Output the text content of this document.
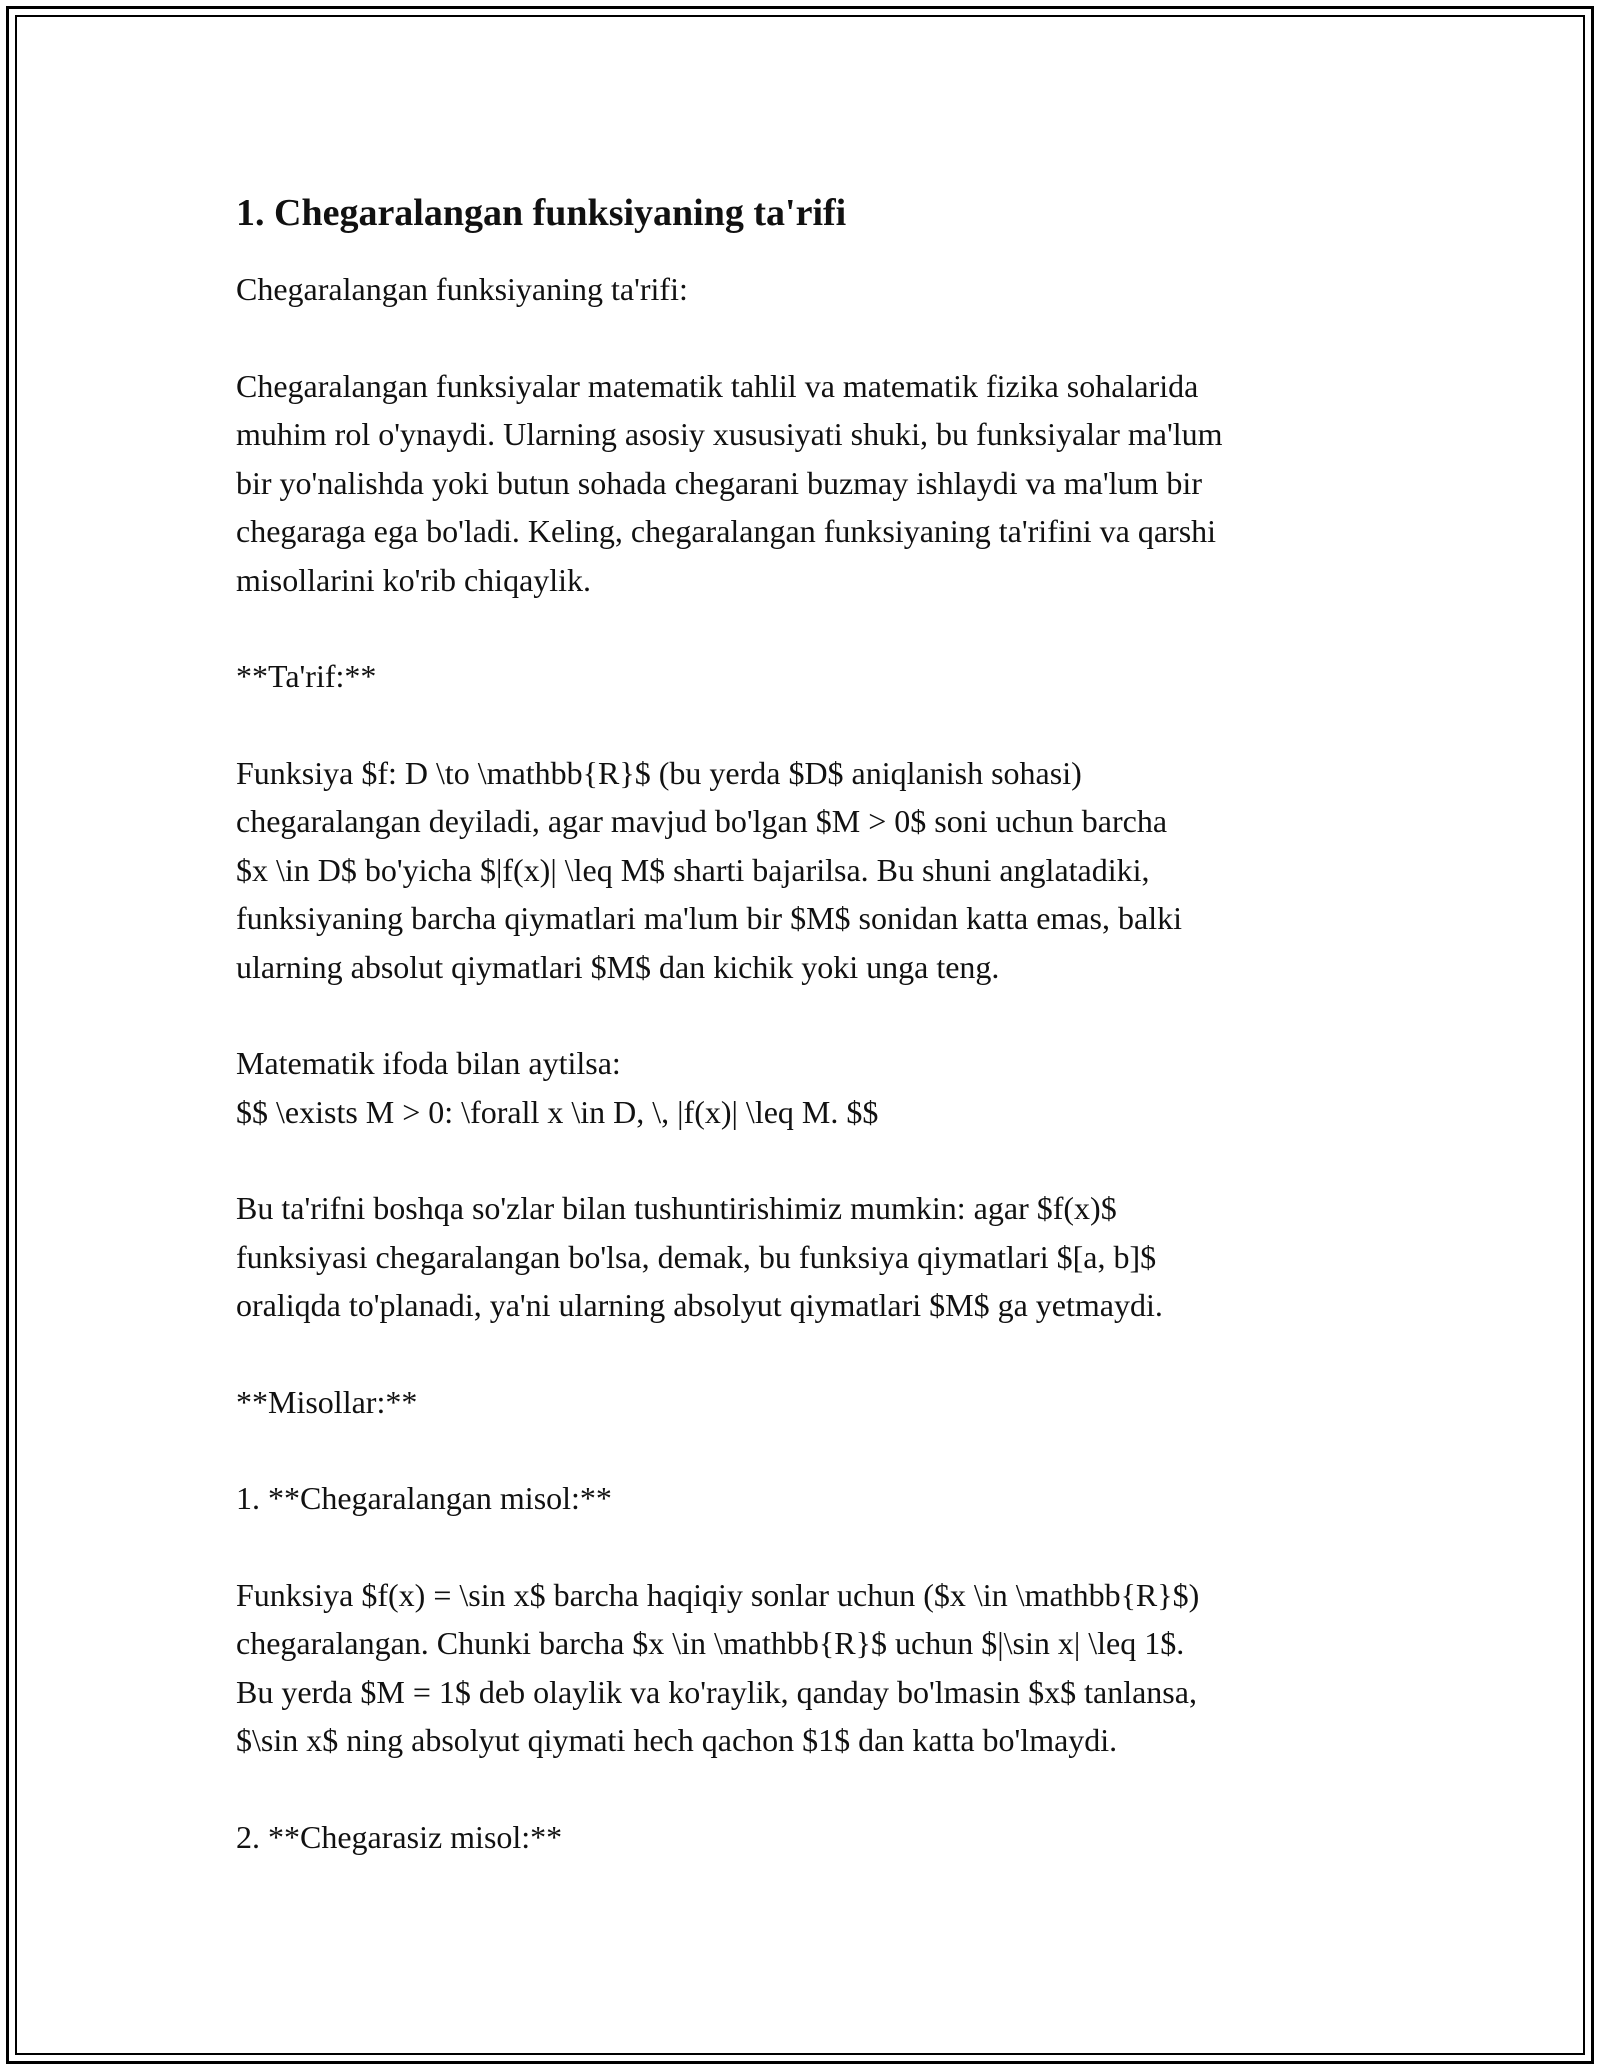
1. Chegaralangan funksiyaning ta'rifi

Chegaralangan funksiyaning ta'rifi:

Chegaralangan funksiyalar matematik tahlil va matematik fizika sohalarida
muhim rol o'ynaydi. Ularning asosiy xususiyati shuki, bu funksiyalar ma'lum
bir yo'nalishda yoki butun sohada chegarani buzmay ishlaydi va ma'lum bir
chegaraga ega bo'ladi. Keling, chegaralangan funksiyaning ta'rifini va qarshi
misollarini ko'rib chiqaylik.

**Ta'rif:**

Funksiya $f: D \to \mathbb{R}$ (bu yerda $D$ aniqlanish sohasi)
chegaralangan deyiladi, agar mavjud bo'lgan $M > 0$ soni uchun barcha
$x \in D$ bo'yicha $|f(x)| \leq M$ sharti bajarilsa. Bu shuni anglatadiki,
funksiyaning barcha qiymatlari ma'lum bir $M$ sonidan katta emas, balki
ularning absolut qiymatlari $M$ dan kichik yoki unga teng.

Matematik ifoda bilan aytilsa:
$$ \exists M > 0: \forall x \in D, \, |f(x)| \leq M. $$

Bu ta'rifni boshqa so'zlar bilan tushuntirishimiz mumkin: agar $f(x)$
funksiyasi chegaralangan bo'lsa, demak, bu funksiya qiymatlari $[a, b]$
oraliqda to'planadi, ya'ni ularning absolyut qiymatlari $M$ ga yetmaydi.

**Misollar:**

1. **Chegaralangan misol:**

Funksiya $f(x) = \sin x$ barcha haqiqiy sonlar uchun ($x \in \mathbb{R}$)
chegaralangan. Chunki barcha $x \in \mathbb{R}$ uchun $|\sin x| \leq 1$.
Bu yerda $M = 1$ deb olaylik va ko'raylik, qanday bo'lmasin $x$ tanlansa,
$\sin x$ ning absolyut qiymati hech qachon $1$ dan katta bo'lmaydi.

2. **Chegarasiz misol:**
